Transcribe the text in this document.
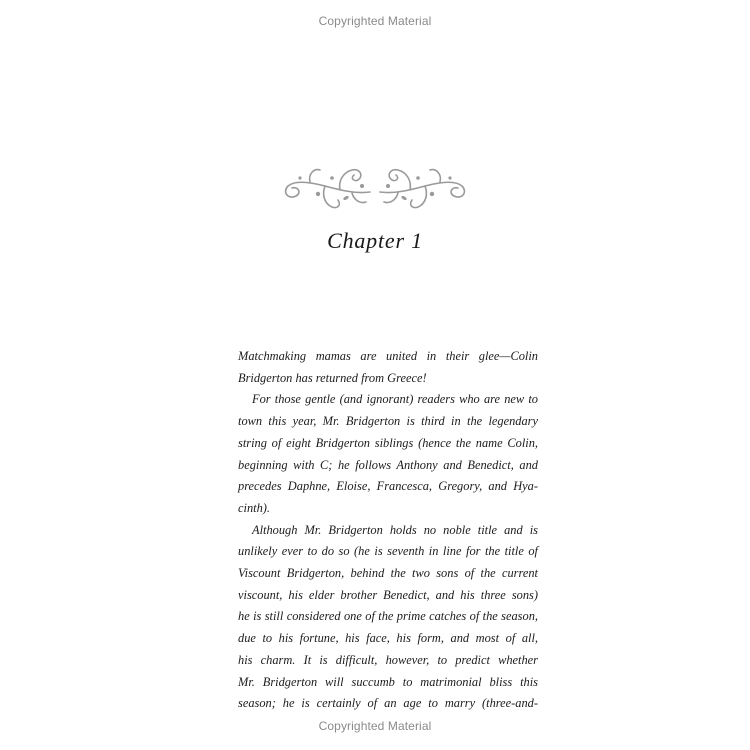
Copyrighted Material
Chapter 1

Matchmaking mamas are united in their glee—Colin
Bridgerton has returned from Greece!

For those gentle (and ignorant) readers who are new to
town this year, Mr. Bridgerton is third in the legendary
string of eight Bridgerton siblings (hence the name Colin,
beginning with C; he follows Anthony and Benedict, and
precedes Daphne, Eloise, Francesca, Gregory, and Hya-
cinth).

Although Mr. Bridgerton holds no noble title and is
unlikely ever to do so (he is seventh in line for the title of
Viscount Bridgerton, behind the two sons of the current
viscount, his elder brother Benedict, and his three sons)
he is still considered one of the prime catches of the season,
due to his fortune, his face, his form, and most of all,
his charm. It is difficult, however, to predict whether
Mr. Bridgerton will succumb to matrimonial bliss this
season; he is certainly of an age to marry (three-and-

Copyrighted Material
